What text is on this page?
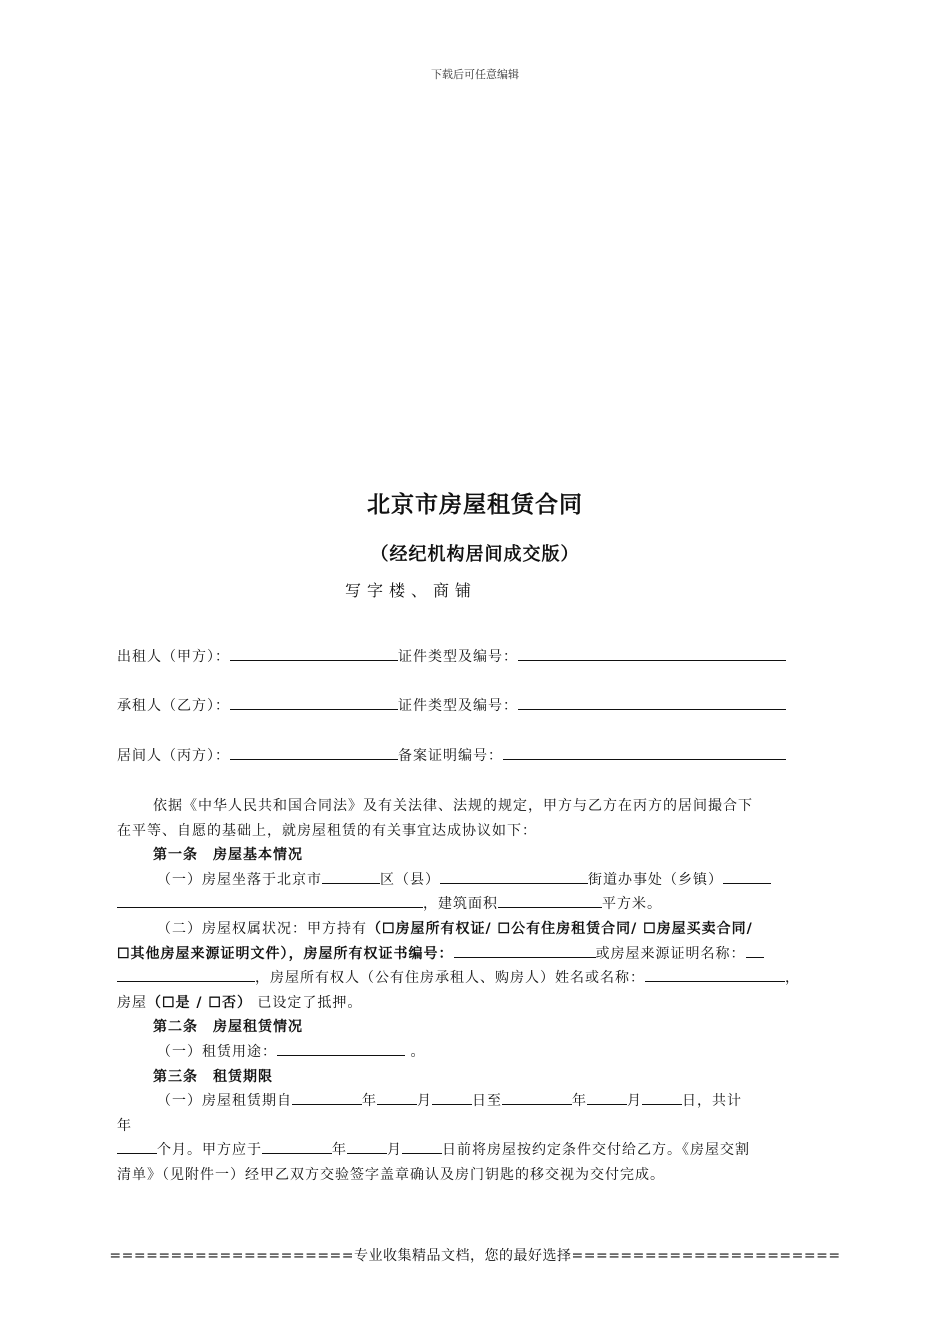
下载后可任意编辑
北京市房屋租赁合同
（经纪机构居间成交版）
写字楼、商铺
出租人（甲方）：	证件类型及编号：
承租人（乙方）：	证件类型及编号：
居间人（丙方）：	备案证明编号：

依据《中华人民共和国合同法》及有关法律、法规的规定，甲方与乙方在丙方的居间撮合下

在平等、自愿的基础上，就房屋租赁的有关事宜达成协议如下：

第一条　房屋基本情况

（一）房屋坐落于北京市	区（县）	街道办事处（乡镇）

，建筑面积	平方米。

（二）房屋权属状况：甲方持有（☐房屋所有权证/ ☐公有住房租赁合同/ ☐房屋买卖合同/

☐其他房屋来源证明文件），房屋所有权证书编号：	或房屋来源证明名称：

，房屋所有权人（公有住房承租人、购房人）姓名或名称：	，

房屋（☐是 / ☐否） 已设定了抵押。

第二条　房屋租赁情况

（一）租赁用途：	。

第三条　租赁期限

（一）房屋租赁期自	年	月	日至	年	月	日，共计

年

个月。甲方应于	年	月	日前将房屋按约定条件交付给乙方。《房屋交割

清单》（见附件一）经甲乙双方交验签字盖章确认及房门钥匙的移交视为交付完成。

====================专业收集精品文档，您的最好选择======================
